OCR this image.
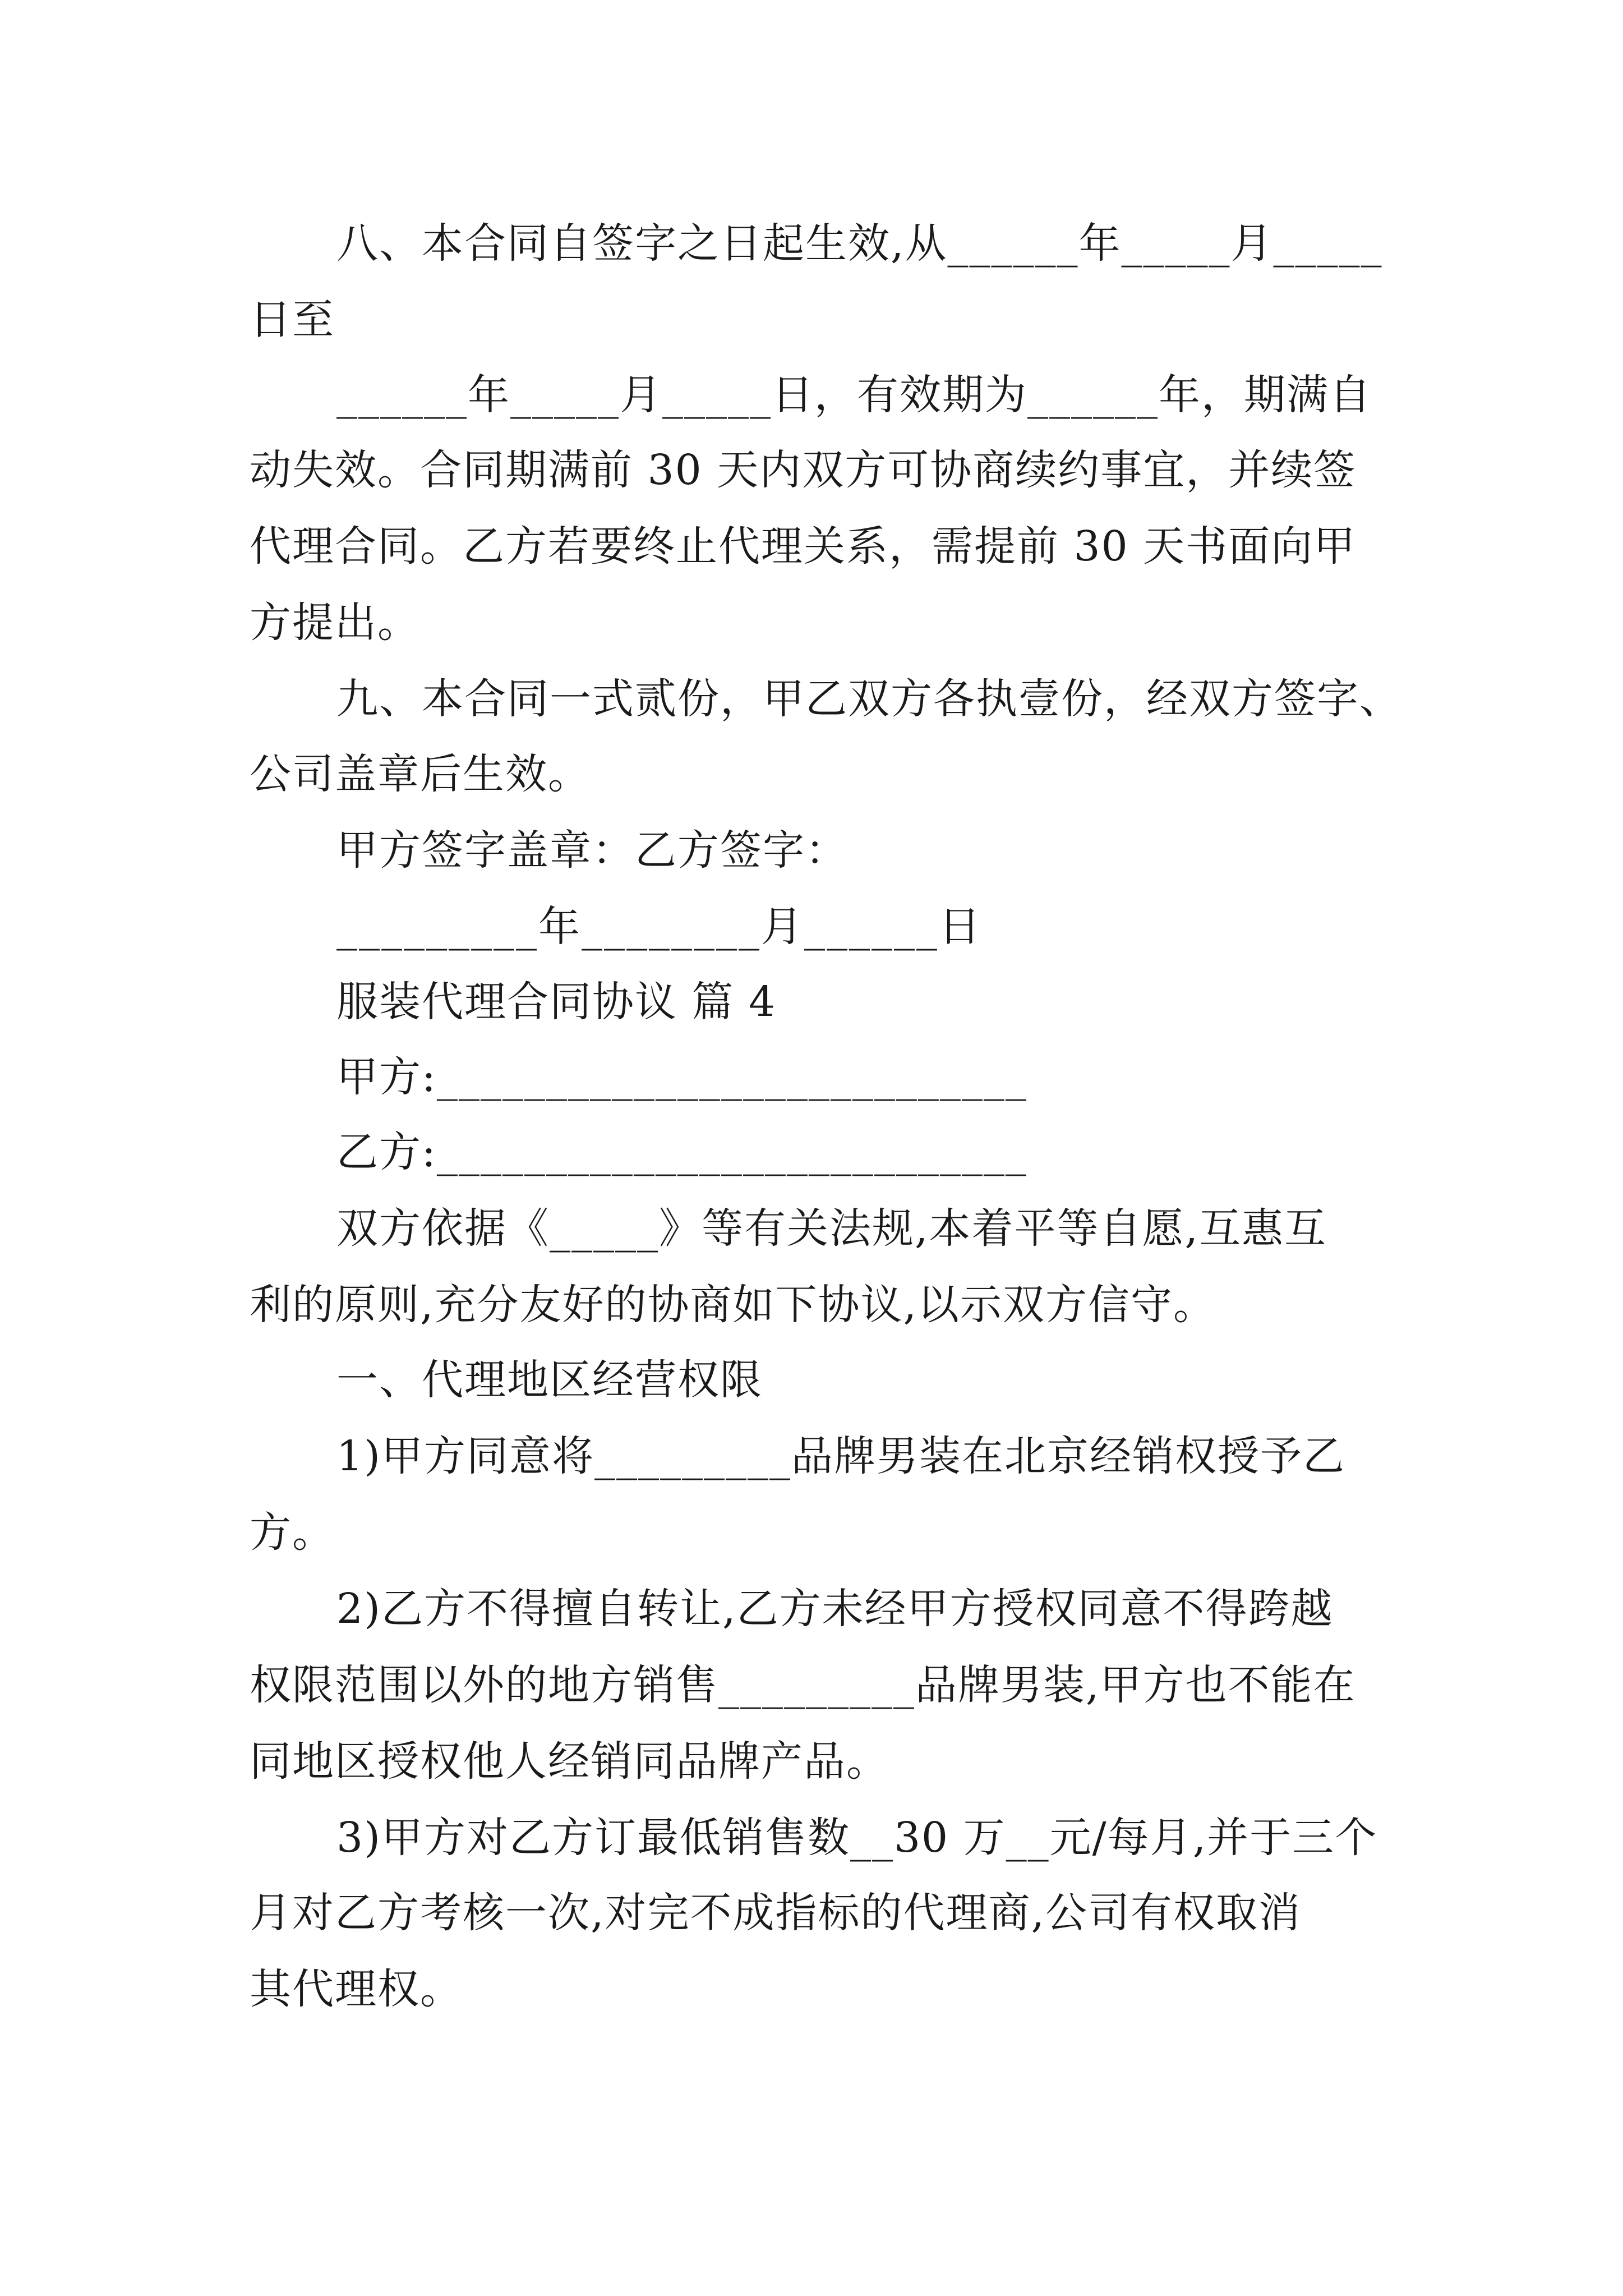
八、本合同自签字之日起生效,从______年_____月_____
日至
______年_____月_____日，有效期为______年，期满自
动失效。合同期满前 30 天内双方可协商续约事宜，并续签
代理合同。乙方若要终止代理关系，需提前 30 天书面向甲
方提出。
九、本合同一式贰份，甲乙双方各执壹份，经双方签字、
公司盖章后生效。
甲方签字盖章：乙方签字：
_________年________月______日
服装代理合同协议 篇 4
甲方:___________________________
乙方:___________________________
双方依据《_____》等有关法规,本着平等自愿,互惠互
利的原则,充分友好的协商如下协议,以示双方信守。
一、代理地区经营权限
1)甲方同意将_________品牌男装在北京经销权授予乙
方。
2)乙方不得擅自转让,乙方未经甲方授权同意不得跨越
权限范围以外的地方销售_________品牌男装,甲方也不能在
同地区授权他人经销同品牌产品。
3)甲方对乙方订最低销售数__30 万__元/每月,并于三个
月对乙方考核一次,对完不成指标的代理商,公司有权取消
其代理权。
